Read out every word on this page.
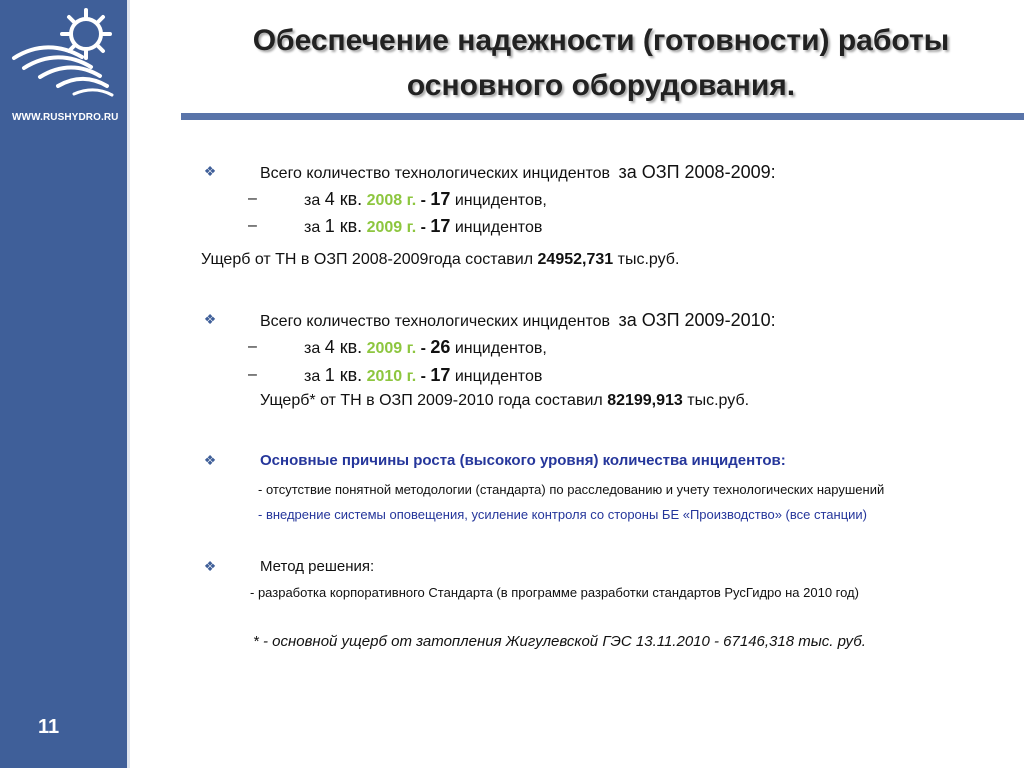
WWW.RUSHYDRO.RU
11
Обеспечение надежности (готовности) работы
основного оборудования.
❖	Всего количество технологических инцидентов за ОЗП 2008-2009:
–	за 4 кв. 2008 г. - 17 инцидентов,
–	за 1 кв. 2009 г. - 17 инцидентов
Ущерб от ТН в ОЗП 2008-2009года составил 24952,731 тыс.руб.
❖	Всего количество технологических инцидентов за ОЗП 2009-2010:
–	за 4 кв. 2009 г. - 26 инцидентов,
–	за 1 кв. 2010 г. - 17 инцидентов
Ущерб* от ТН в ОЗП 2009-2010 года составил 82199,913 тыс.руб.
❖	Основные причины роста (высокого уровня) количества инцидентов:
- отсутствие понятной методологии (стандарта) по расследованию и учету технологических нарушений
- внедрение системы оповещения, усиление контроля со стороны БЕ «Производство» (все станции)
❖	Метод решения:
- разработка корпоративного Стандарта (в программе разработки стандартов РусГидро на 2010 год)
* - основной ущерб от затопления Жигулевской ГЭС 13.11.2010 - 67146,318 тыс. руб.
